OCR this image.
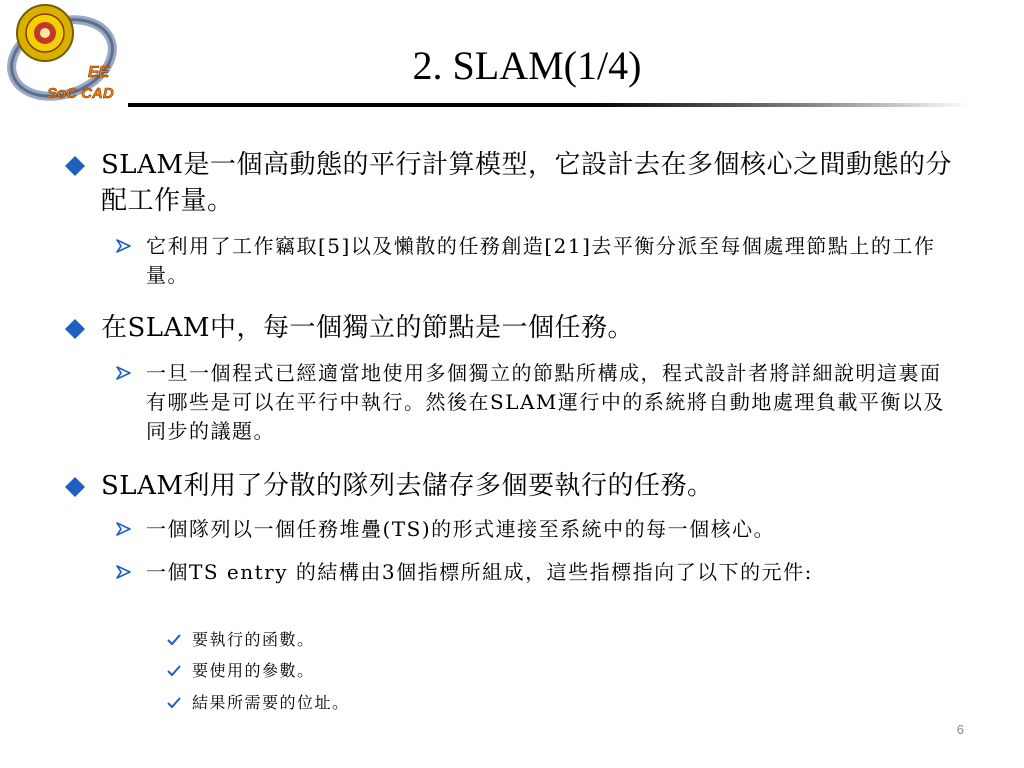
EE
SoC CAD
2. SLAM(1/4)
SLAM是一個高動態的平行計算模型，它設計去在多個核心之間動態的分配工作量。
它利用了工作竊取[5]以及懶散的任務創造[21]去平衡分派至每個處理節點上的工作量。
在SLAM中，每一個獨立的節點是一個任務。
一旦一個程式已經適當地使用多個獨立的節點所構成，程式設計者將詳細說明這裏面有哪些是可以在平行中執行。然後在SLAM運行中的系統將自動地處理負載平衡以及同步的議題。
SLAM利用了分散的隊列去儲存多個要執行的任務。
一個隊列以一個任務堆疊(TS)的形式連接至系統中的每一個核心。
一個TS entry 的結構由3個指標所組成，這些指標指向了以下的元件:
要執行的函數。
要使用的參數。
結果所需要的位址。
6
